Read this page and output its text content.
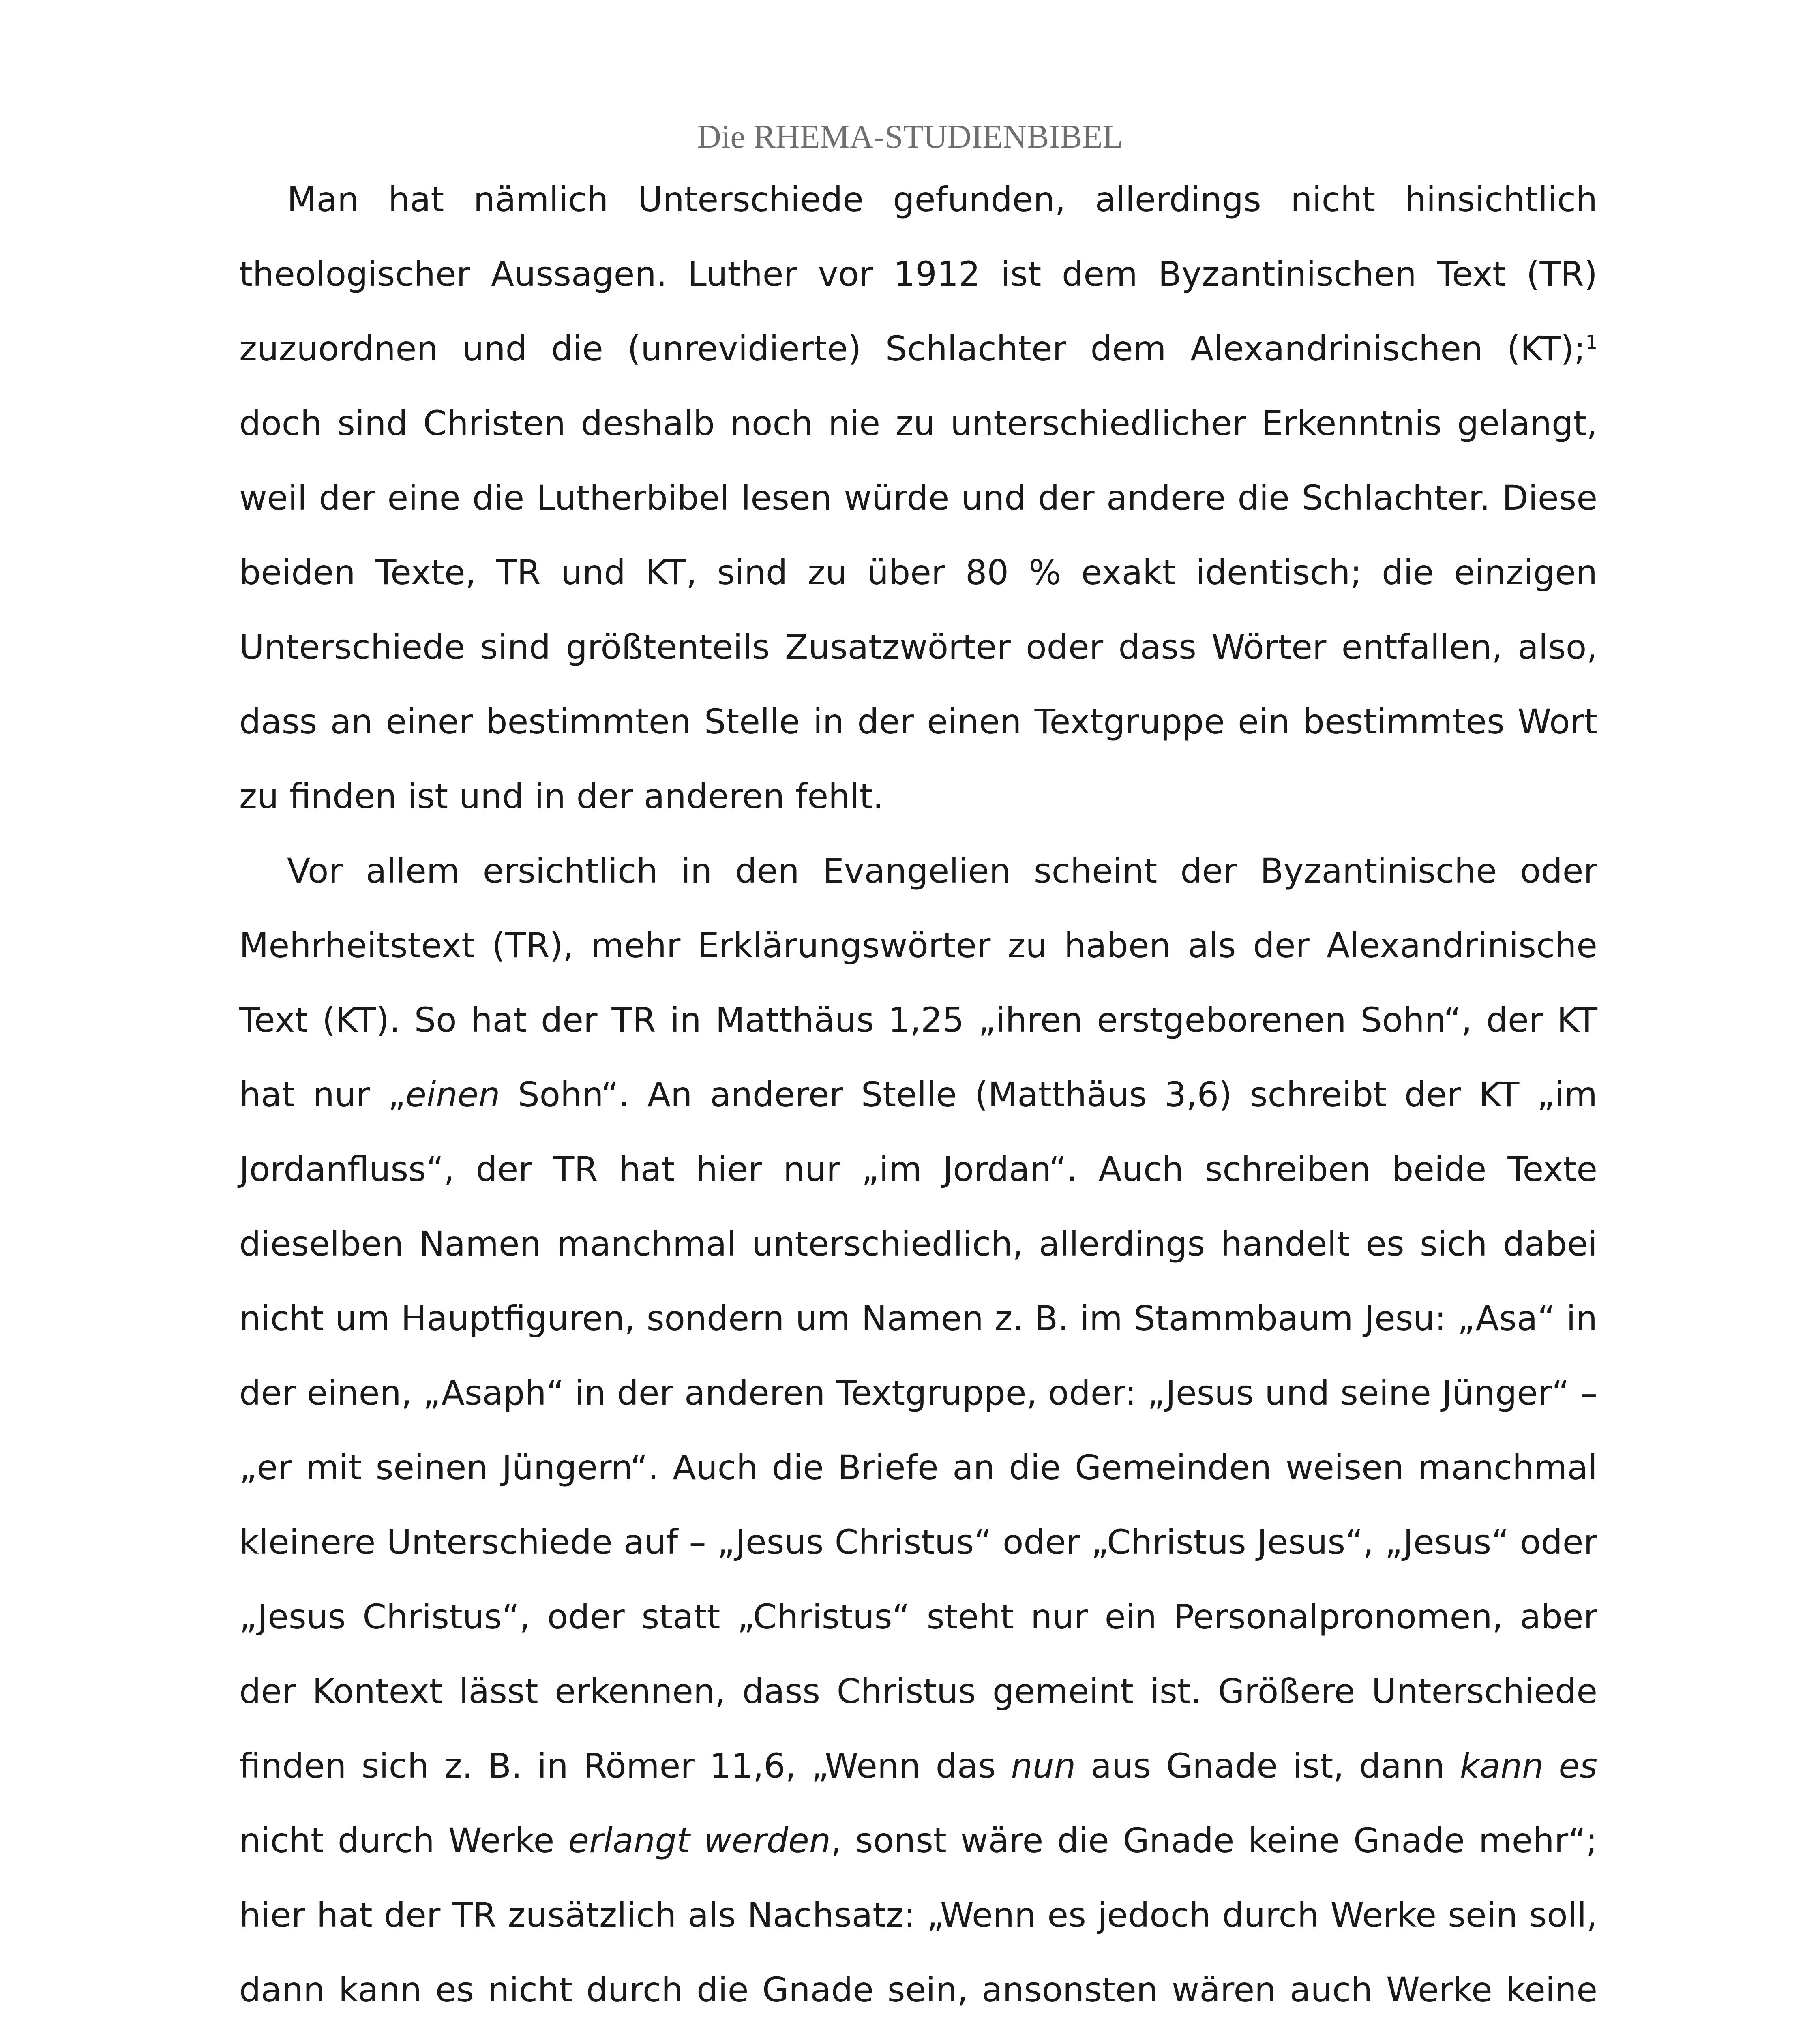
Die RHEMA-STUDIENBIBEL

Man hat nämlich Unterschiede gefunden, allerdings nicht hinsichtlich theologischer Aussagen. Luther vor 1912 ist dem Byzantinischen Text (TR) zuzuordnen und die (unrevidierte) Schlachter dem Alexandrinischen (KT);$^1$ doch sind Christen deshalb noch nie zu unterschiedlicher Erkenntnis gelangt, weil der eine die Lutherbibel lesen würde und der andere die Schlachter. Diese beiden Texte, TR und KT, sind zu über 80 % exakt identisch; die einzigen Unterschiede sind größtenteils Zusatzwörter oder dass Wörter entfallen, also, dass an einer bestimmten Stelle in der einen Textgruppe ein bestimmtes Wort zu finden ist und in der anderen fehlt.

Vor allem ersichtlich in den Evangelien scheint der Byzantinische oder Mehrheitstext (TR), mehr Erklärungswörter zu haben als der Alexandrinische Text (KT). So hat der TR in Matthäus 1,25 „ihren erstgeborenen Sohn“, der KT hat nur „einen Sohn“. An anderer Stelle (Matthäus 3,6) schreibt der KT „im Jordanfluss“, der TR hat hier nur „im Jordan“. Auch schreiben beide Texte dieselben Namen manchmal unterschiedlich, allerdings handelt es sich dabei nicht um Hauptfiguren, sondern um Namen z. B. im Stammbaum Jesu: „Asa“ in der einen, „Asaph“ in der anderen Textgruppe, oder: „Jesus und seine Jünger“ – „er mit seinen Jüngern“. Auch die Briefe an die Gemeinden weisen manchmal kleinere Unterschiede auf – „Jesus Christus“ oder „Christus Jesus“, „Jesus“ oder „Jesus Christus“, oder statt „Christus“ steht nur ein Personalpronomen, aber der Kontext lässt erkennen, dass Christus gemeint ist. Größere Unterschiede finden sich z. B. in Römer 11,6, „Wenn das nun aus Gnade ist, dann kann es nicht durch Werke erlangt werden, sonst wäre die Gnade keine Gnade mehr“; hier hat der TR zusätzlich als Nachsatz: „Wenn es jedoch durch Werke sein soll, dann kann es nicht durch die Gnade sein, ansonsten wären auch Werke keine
